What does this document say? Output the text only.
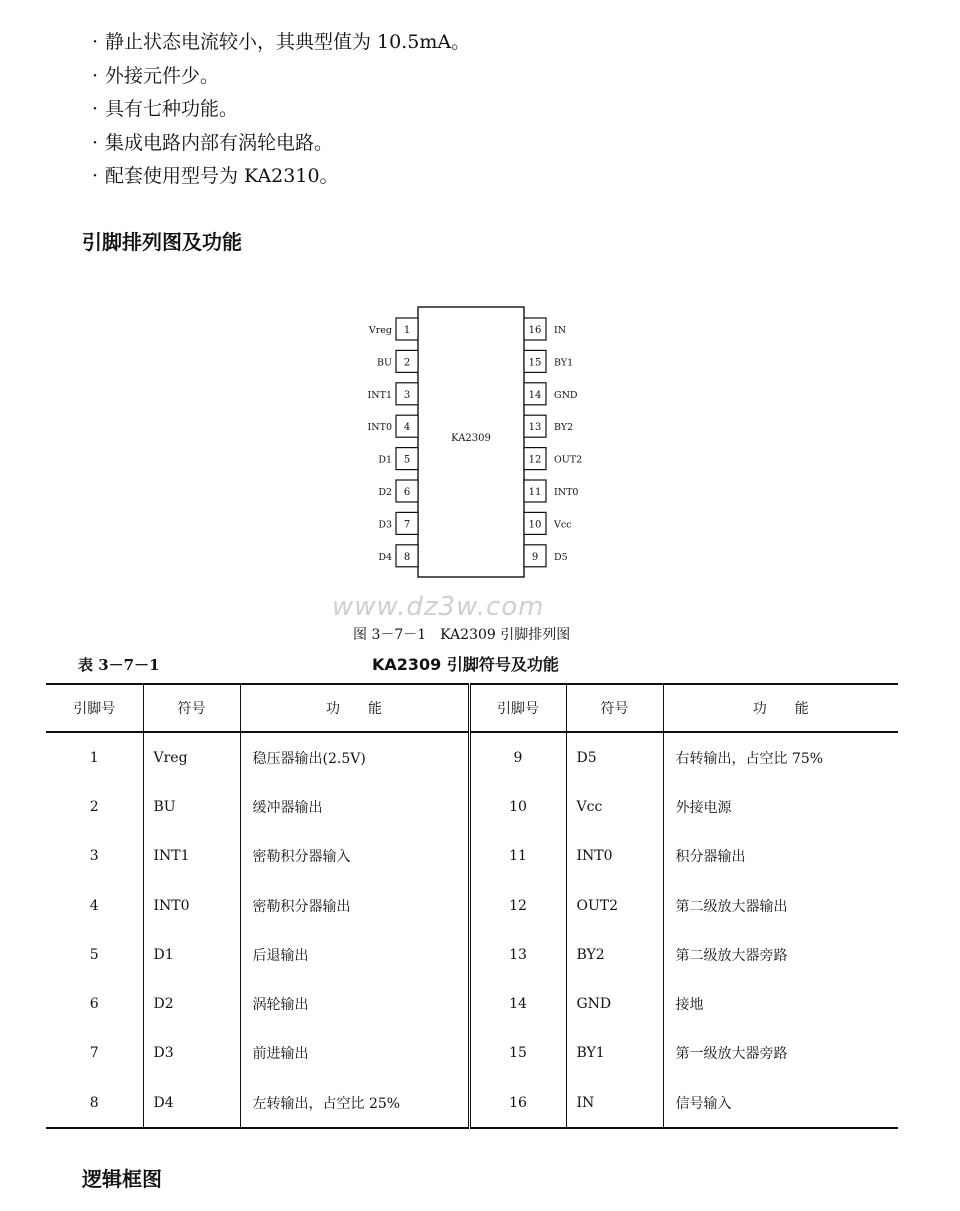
· 静止状态电流较小，其典型值为 10.5mA。
· 外接元件少。
· 具有七种功能。
· 集成电路内部有涡轮电路。
· 配套使用型号为 KA2310。
引脚排列图及功能
KA2309
1
Vreg
2
BU
3
INT1
4
INT0
5
D1
6
D2
7
D3
8
D4
16 IN
15 BY1
14 GND
13 BY2
12 OUT2
11 INT0
10 Vcc
9 D5
www.dz3w.com
图 3－7－1　KA2309 引脚排列图
表 3－7－1	KA2309 引脚符号及功能
引脚号	符号	功　　能	引脚号	符号	功　　能
1	Vreg	稳压器输出(2.5V)	9	D5	右转输出，占空比 75%
2	BU	缓冲器输出	10	Vcc	外接电源
3	INT1	密勒积分器输入	11	INT0	积分器输出
4	INT0	密勒积分器输出	12	OUT2	第二级放大器输出
5	D1	后退输出	13	BY2	第二级放大器旁路
6	D2	涡轮输出	14	GND	接地
7	D3	前进输出	15	BY1	第一级放大器旁路
8	D4	左转输出，占空比 25%	16	IN	信号输入
逻辑框图
